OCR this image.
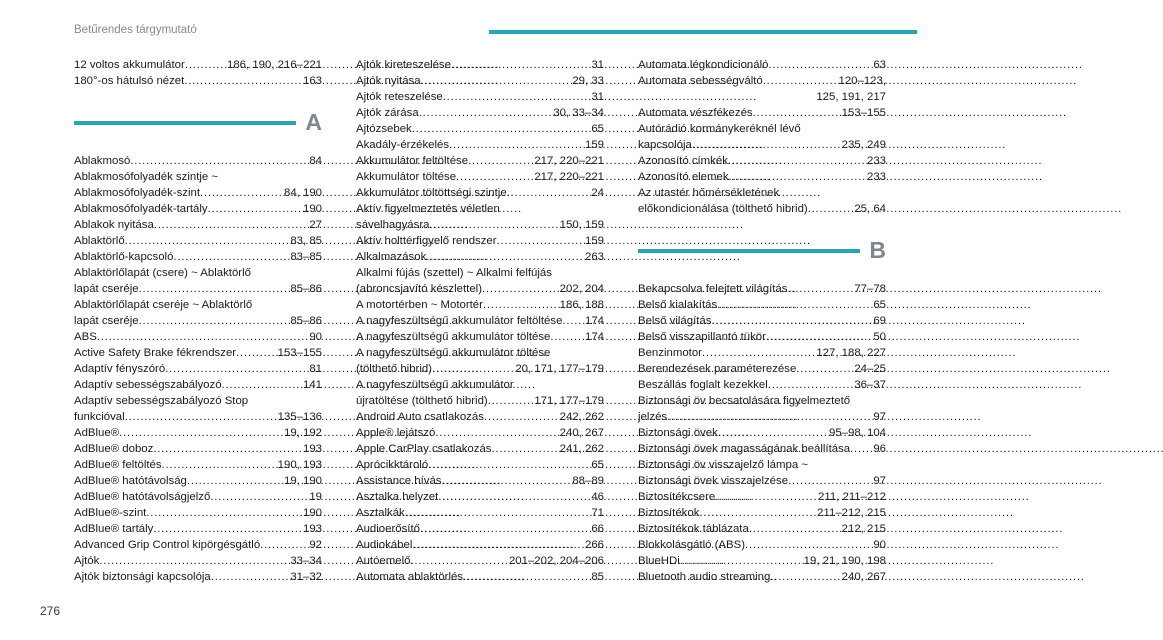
Betűrendes tárgymutató
12 voltos akkumulátor . . .	186, 190, 216–221
180°-os hátulsó nézet . . .	163
A
Ablakmosó . . .	84
Ablakmosófolyadék szintje ~
Ablakmosófolyadék-szint . . .	84, 190
Ablakmosófolyadék-tartály . . .	190
Ablakok nyitása . . .	27
Ablaktörlő . . .	83, 85
Ablaktörlő-kapcsoló . . .	83–85
Ablaktörlőlapát (csere) ~ Ablaktörlő
lapát cseréje . . .	85–86
Ablaktörlőlapát cseréje ~ Ablaktörlő
lapát cseréje . . .	85–86
ABS . . .	90
Active Safety Brake fékrendszer . . .	153–155
Adaptív fényszóró . . .	81
Adaptív sebességszabályozó . . .	141
Adaptív sebességszabályozó Stop
funkcióval . . .	135–136
AdBlue® . . .	19, 192
AdBlue® doboz . . .	193
AdBlue® feltöltés . . .	190, 193
AdBlue® hatótávolság . . .	19, 190
AdBlue® hatótávolságjelző . . .	19
AdBlue®-szint . . .	190
AdBlue® tartály . . .	193
Advanced Grip Control kipörgésgátló . . .	92
Ajtók . . .	33–34
Ajtók biztonsági kapcsolója . . .	31–32
Ajtók kireteszelése . . .	31
Ajtók nyitása . . .	29, 33
Ajtók reteszelése . . .	31
Ajtók zárása . . .	30, 33–34
Ajtózsebek . . .	65
Akadály-érzékelés . . .	159
Akkumulátor feltöltése . . .	217, 220–221
Akkumulátor töltése . . .	217, 220–221
Akkumulátor töltöttségi szintje . . .	24
Aktív figyelmeztetés véletlen
sávelhagyásra . . .	150, 159
Aktív holttérfigyelő rendszer . . .	159
Alkalmazások . . .	263
Alkalmi fújás (szettel) ~ Alkalmi felfújás
(abroncsjavító készlettel) . . .	202, 204
A motortérben ~ Motortér . . .	186, 188
A nagyfeszültségű akkumulátor feltöltése . . . 174
A nagyfeszültségű akkumulátor töltése . . .	174
A nagyfeszültségű akkumulátor töltése
(tölthető hibrid) . . .	20, 171, 177–179
A nagyfeszültségű akkumulátor
újratöltése (tölthető hibrid) . . .	171, 177–179
Android Auto csatlakozás . . .	242, 262
Apple® lejátszó . . .	240, 267
Apple CarPlay csatlakozás . . .	241, 262
Aprócikktároló . . .	65
Assistance hívás . . .	88–89
Asztalka helyzet . . .	46
Asztalkák . . .	71
Audioerősítő . . .	66
Audiokábel . . .	266
Autóemelő . . .	201–202, 204–206
Automata ablaktörlés . . .	85
Automata légkondicionáló . . .	63
Automata sebességváltó . . .	120–123,
125, 191, 217
Automata vészfékezés . . .	153–155
Autórádió kormánykeréknél lévő
kapcsolója . . .	235, 249
Azonosító címkék . . .	233
Azonosító elemek . . .	233
Az utastér hőmérsékletének
előkondicionálása (tölthető hibrid) . . .	25, 64
B
Bekapcsolva felejtett világítás . . .	77–78
Belső kialakítás . . .	65
Belső világítás . . .	69
Belső visszapillantó tükör . . .	50
Benzinmotor . . .	127, 188, 227
Berendezések paraméterezése . . .	24–25
Beszállás foglalt kezekkel . . .	36–37
Biztonsági öv becsatolására figyelmeztető
jelzés . . .	97
Biztonsági övek . . .	95–98, 104
Biztonsági övek magasságának beállítása . . . 96
Biztonsági öv visszajelző lámpa ~
Biztonsági övek visszajelzése . . .	97
Biztosítékcsere . . .	211, 211–212
Biztosítékok . . .	211–212, 215
Biztosítékok táblázata . . .	212, 215
Blokkolásgátló (ABS) . . .	90
BlueHDi . . .	19, 21, 190, 198
Bluetooth audio streaming . . .	240, 267
276
